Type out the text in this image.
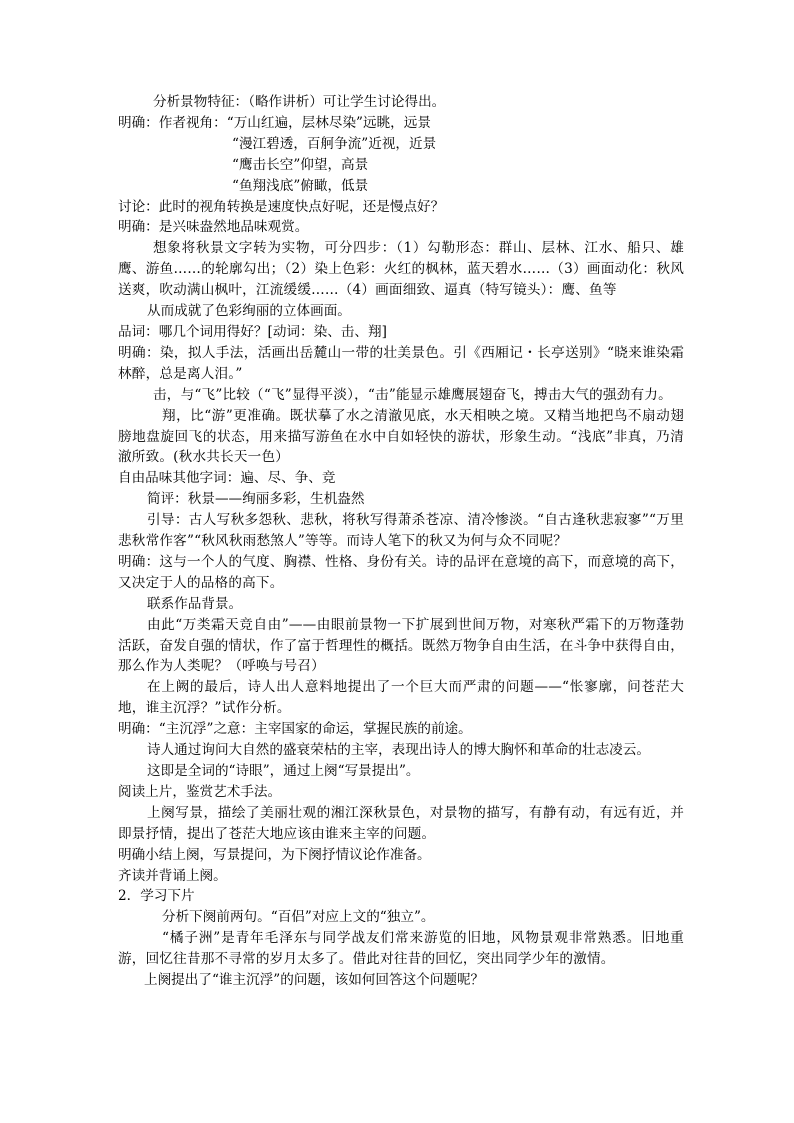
分析景物特征：（略作讲析）可让学生讨论得出。
明确：作者视角：“万山红遍，层林尽染”远眺，远景
“漫江碧透，百舸争流”近视，近景
“鹰击长空”仰望，高景
“鱼翔浅底”俯瞰，低景
讨论：此时的视角转换是速度快点好呢，还是慢点好？
明确：是兴味盎然地品味观赏。
想象将秋景文字转为实物，可分四步：（1）勾勒形态：群山、层林、江水、船只、雄鹰、游鱼……的轮廓勾出；（2）染上色彩：火红的枫林，蓝天碧水……（3）画面动化：秋风送爽，吹动满山枫叶，江流缓缓……（4）画面细致、逼真（特写镜头）：鹰、鱼等
从而成就了色彩绚丽的立体画面。
品词：哪几个词用得好？[动词：染、击、翔]
明确：染，拟人手法，活画出岳麓山一带的壮美景色。引《西厢记・长亭送别》“晓来谁染霜林醉，总是离人泪。”
击，与“飞”比较（“飞”显得平淡），“击”能显示雄鹰展翅奋飞，搏击大气的强劲有力。
翔，比“游”更准确。既状摹了水之清澈见底，水天相映之境。又精当地把鸟不扇动翅膀地盘旋回飞的状态，用来描写游鱼在水中自如轻快的游状，形象生动。“浅底”非真，乃清澈所致。(秋水共长天一色）
自由品味其他字词：遍、尽、争、竞
简评：秋景——绚丽多彩，生机盎然
引导：古人写秋多怨秋、悲秋，将秋写得萧杀苍凉、清冷惨淡。“自古逢秋悲寂寥”“万里悲秋常作客”“秋风秋雨愁煞人”等等。而诗人笔下的秋又为何与众不同呢？
明确：这与一个人的气度、胸襟、性格、身份有关。诗的品评在意境的高下，而意境的高下，又决定于人的品格的高下。
联系作品背景。
由此“万类霜天竞自由”——由眼前景物一下扩展到世间万物，对寒秋严霜下的万物蓬勃活跃，奋发自强的情状，作了富于哲理性的概括。既然万物争自由生活，在斗争中获得自由，那么作为人类呢？（呼唤与号召）
在上阙的最后，诗人出人意料地提出了一个巨大而严肃的问题——“怅寥廓，问苍茫大地，谁主沉浮？”试作分析。
明确：“主沉浮”之意：主宰国家的命运，掌握民族的前途。
诗人通过询问大自然的盛衰荣枯的主宰，表现出诗人的博大胸怀和革命的壮志凌云。
这即是全词的“诗眼”，通过上阕“写景提出”。
阅读上片，鉴赏艺术手法。
上阕写景，描绘了美丽壮观的湘江深秋景色，对景物的描写，有静有动，有远有近，并即景抒情，提出了苍茫大地应该由谁来主宰的问题。
明确小结上阕，写景提问，为下阕抒情议论作准备。
齐读并背诵上阕。
2．学习下片
分析下阕前两句。“百侣”对应上文的“独立”。
“橘子洲”是青年毛泽东与同学战友们常来游览的旧地，风物景观非常熟悉。旧地重游，回忆往昔那不寻常的岁月太多了。借此对往昔的回忆，突出同学少年的激情。
上阕提出了“谁主沉浮”的问题，该如何回答这个问题呢？
